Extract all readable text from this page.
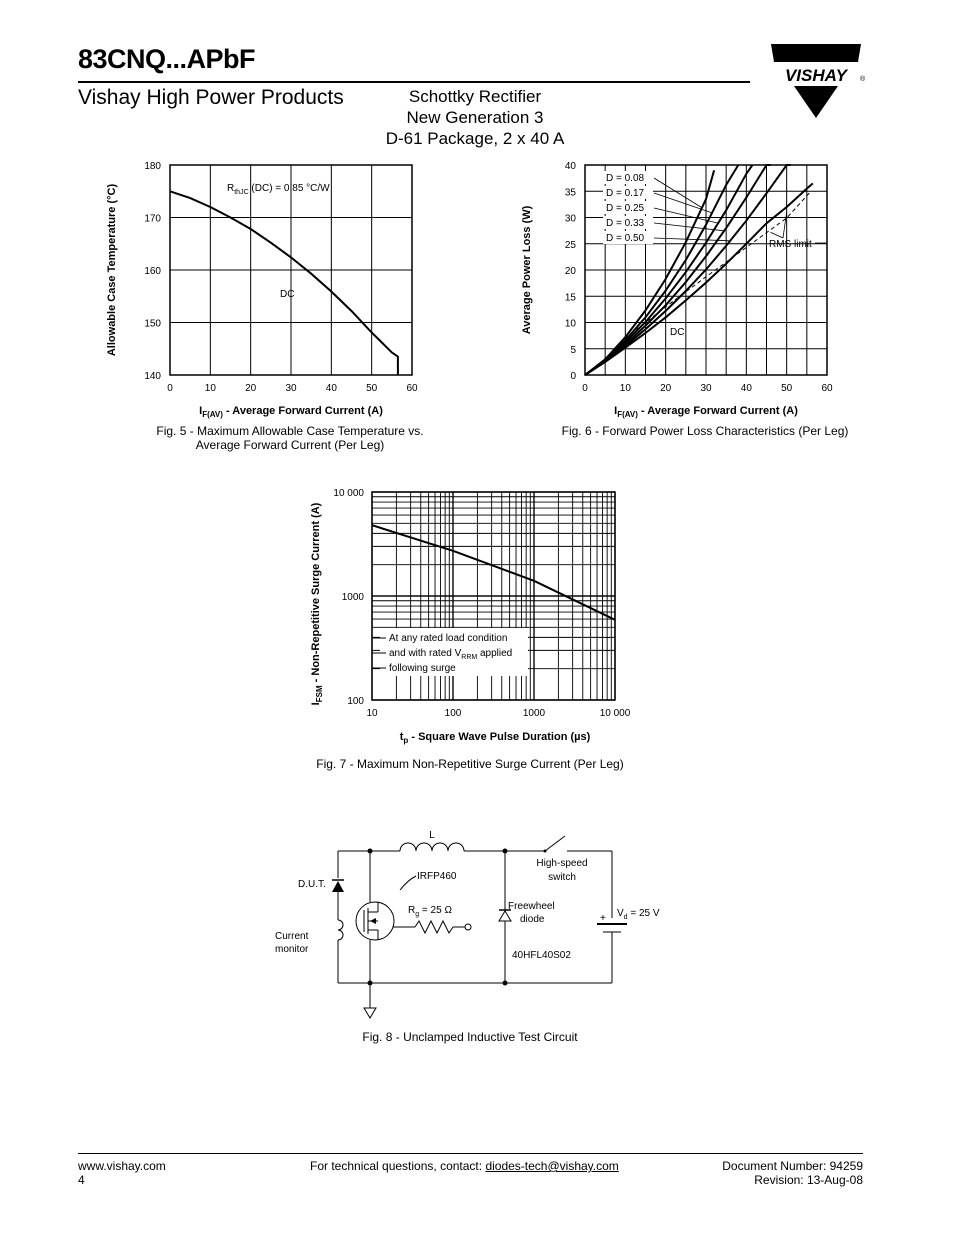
83CNQ...APbF
Vishay High Power Products	Schottky Rectifier
New Generation 3
D-61 Package, 2 x 40 A
VISHAY ®
0	10	20	30	40	50	60
140
150
160
170
180
$R_{thJC}$ (DC) = 0.85 °C/W
DC
Allowable Case Temperature (°C)
$I_{F(AV)}$ - Average Forward Current (A)
Fig. 5 - Maximum Allowable Case Temperature vs.
Average Forward Current (Per Leg)
0	10	20	30	40	50	60
0
5
10
15
20
25
30
35
40
D = 0.08
D = 0.17
D = 0.25
D = 0.33
D = 0.50
RMS limit
DC
Average Power Loss (W)
$I_{F(AV)}$ - Average Forward Current (A)
Fig. 6 - Forward Power Loss Characteristics (Per Leg)
10	100	1000	10 000
100
1000
10 000
At any rated load condition
and with rated $V_{RRM}$ applied
following surge
$I_{FSM}$ - Non-Repetitive Surge Current (A)
$t_p$ - Square Wave Pulse Duration (µs)
Fig. 7 - Maximum Non-Repetitive Surge Current (Per Leg)
L
High-speed
switch
D.U.T.
IRFP460
$R_g = 25$ Ω
Current
monitor
Freewheel
diode
40HFL40S02
+ $V_d = 25$ V
Fig. 8 - Unclamped Inductive Test Circuit
www.vishay.com
4
For technical questions, contact: diodes-tech@vishay.com	Document Number: 94259
Revision: 13-Aug-08
